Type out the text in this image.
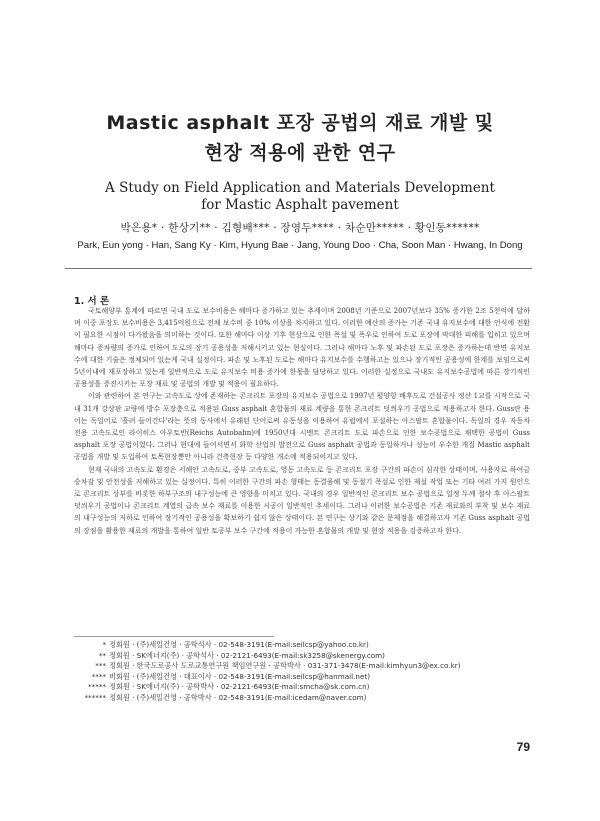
Mastic asphalt 포장 공법의 재료 개발 및
현장 적용에 관한 연구
A Study on Field Application and Materials Development
for Mastic Asphalt pavement
박은용* · 한상기** · 김형배*** · 장영두**** · 차순만***** · 황인동******
Park, Eun yong · Han, Sang Ky · Kim, Hyung Bae · Jang, Young Doo · Cha, Soon Man · Hwang, In Dong
1. 서 론

국토해양부 통계에 따르면 국내 도로 보수비용은 해마다 증가하고 있는 추세이며 2008년 기준으로 2007년보다 35% 증가한 2조 5천억에 달하며 이중 포장도 보수비용은 3,415억원으로 전체 보수비 중 10% 이상을 차지하고 있다. 이러한 예산의 증가는 기존 국내 유지보수에 대한 인식에 전환이 필요한 시점이 다가왔음을 의미하는 것이다. 또한 해마다 이상 기후 현상으로 인한 폭설 및 폭우로 인하여 도로 포장에 막대한 피해를 입히고 있으며 해마다 증차량의 증가로 인하여 도로의 장기 공용성을 저해시키고 있는 현실이다. 그러나 해마다 노후 및 파손된 도로 포장은 증가하는데 반면 유지보수에 대한 기술은 정체되어 있는게 국내 실정이다. 파손 및 노후된 도로는 해마다 유지보수를 수행하고는 있으나 장기적인 공용성에 한계를 보임으로써 5년이내에 재포장하고 있는게 일반적으로 도로 유지보수 비용 증가에 한몫을 담당하고 있다. 이러한 실정으로 국내도 유지보수공법에 따른 장기적인 공용성을 증진시키는 포장 재료 및 공법의 개발 및 적용이 필요하다.

이와 관련하여 본 연구는 고속도로 상에 존재하는 콘크리트 포장의 유지보수 공법으로 1997년 평양항 배후도로 건설공사 정산 1교를 시작으로 국내 31개 강상판 교량에 방수 포장층으로 적용된 Guss asphalt 혼합물의 재료 계량을 통한 콘크리트 덧씌우기 공법으로 적용하고자 한다. Guss란 용어는 독일어로 '흘려 들어간다'라는 뜻의 동사에서 유래된 단어로써 유동성을 이용하여 유럽에서 포설하는 아스팔트 혼합물이다. 독일의 경우 자동차 전용 고속도로인 라이히스 아우토반(Reichs Autobahn)에 1950년대 시멘트 콘크리트 도로 파손으로 인한 보수공법으로 채택한 공법이 Guss asphalt 포장 공법이었다. 그러나 현대에 들어서면서 화학 산업의 발전으로 Guss asphalt 공법과 동일하거나 성능이 우수한 개질 Mastic asphalt 공법을 개발 및 도입하여 토목현장뿐만 아니라 건축현장 등 다양한 개소에 적용되어지고 있다.

현재 국내의 고속도로 환경은 서해안 고속도로, 중부 고속도로, 영동 고속도로 등 콘크리트 포장 구간의 파손이 심각한 상태이며, 사용자로 하여금 승차감 및 안전성을 저해하고 있는 실정이다. 특히 이러한 구간의 파손 형태는 동결융해 및 동절기 폭설로 인한 제설 작업 또는 기타 여러 가지 원인으로 콘크리트 상부를 비롯한 하부구조의 내구성능에 큰 영향을 미치고 있다. 국내의 경우 일반적인 콘크리트 보수 공법으로 일정 두께 절삭 후 아스팔트 덧씌우기 공법이나 콘크리트 계열의 급속 보수 재료를 이용한 시공이 일반적인 추세이다. 그러나 이러한 보수공법은 기존 재료와의 부착 및 보수 재료의 내구성능의 저하로 인하여 장기적인 공용성을 확보하기 쉽지 않은 상태이다. 본 연구는 상기와 같은 문제점을 해결하고자 기존 Guss asphalt 공법의 장점을 활용한 재료의 개발을 통하여 일반 토공부 보수 구간에 적용이 가능한 혼합물의 개발 및 현장 적용을 검증하고자 한다.

* 정회원 · (주)세일건영 · 공학석사 · 02-548-3191(E-mail:seilcsp@yahoo.co.kr)
** 정회원 · SK에너지(주) · 공학석사 · 02-2121-6493(E-mail:sk3258@skenergy.com)
*** 정회원 · 한국도로공사 도로교통연구원 책임연구원 · 공학박사 · 031-371-3478(E-mail:kimhyun3@ex.co.kr)
**** 비회원 · (주)세일건영 · 대표이사 · 02-548-3191(E-mail:seilcsp@hanmail.net)
***** 정회원 · SK에너지(주) · 공학박사 · 02-2121-6493(E-mail:smcha@sk.com.cn)
****** 정회원 · (주)세일건영 · 공학박사 · 02-548-3191(E-mail:icedam@naver.com)
79
